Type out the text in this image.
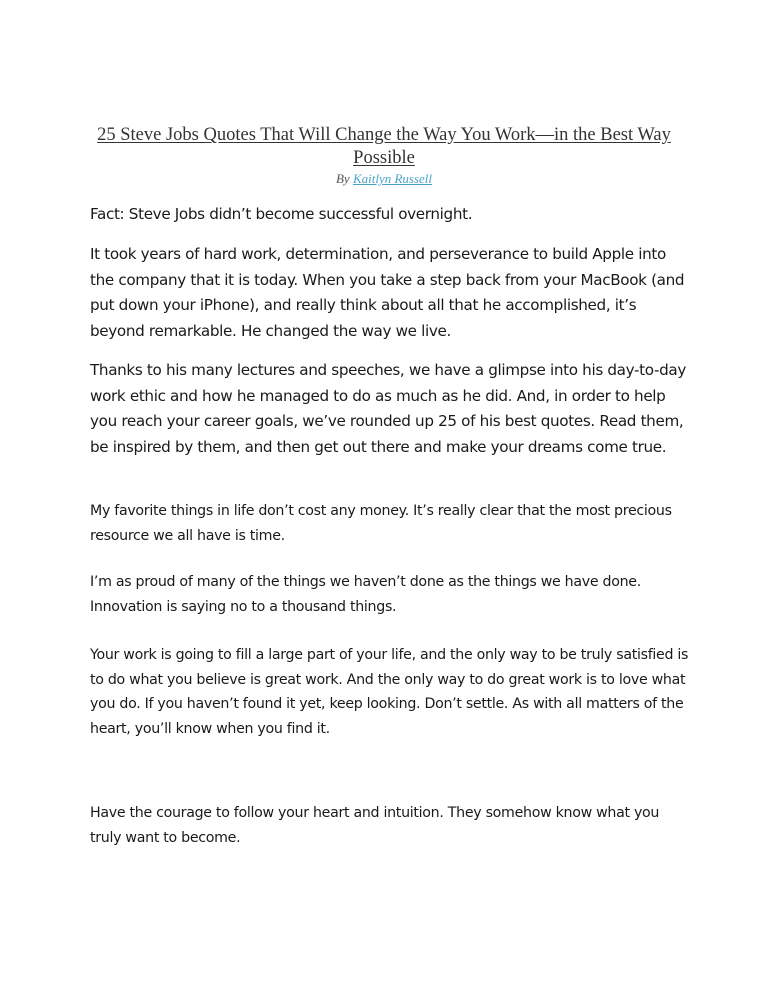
25 Steve Jobs Quotes That Will Change the Way You Work—in the Best Way Possible
By Kaitlyn Russell

Fact: Steve Jobs didn’t become successful overnight.

It took years of hard work, determination, and perseverance to build Apple into the company that it is today. When you take a step back from your MacBook (and put down your iPhone), and really think about all that he accomplished, it’s beyond remarkable. He changed the way we live.

Thanks to his many lectures and speeches, we have a glimpse into his day-to-day work ethic and how he managed to do as much as he did. And, in order to help you reach your career goals, we’ve rounded up 25 of his best quotes. Read them, be inspired by them, and then get out there and make your dreams come true.

My favorite things in life don’t cost any money. It’s really clear that the most precious resource we all have is time.

I’m as proud of many of the things we haven’t done as the things we have done. Innovation is saying no to a thousand things.

Your work is going to fill a large part of your life, and the only way to be truly satisfied is to do what you believe is great work. And the only way to do great work is to love what you do. If you haven’t found it yet, keep looking. Don’t settle. As with all matters of the heart, you’ll know when you find it.

Have the courage to follow your heart and intuition. They somehow know what you truly want to become.
